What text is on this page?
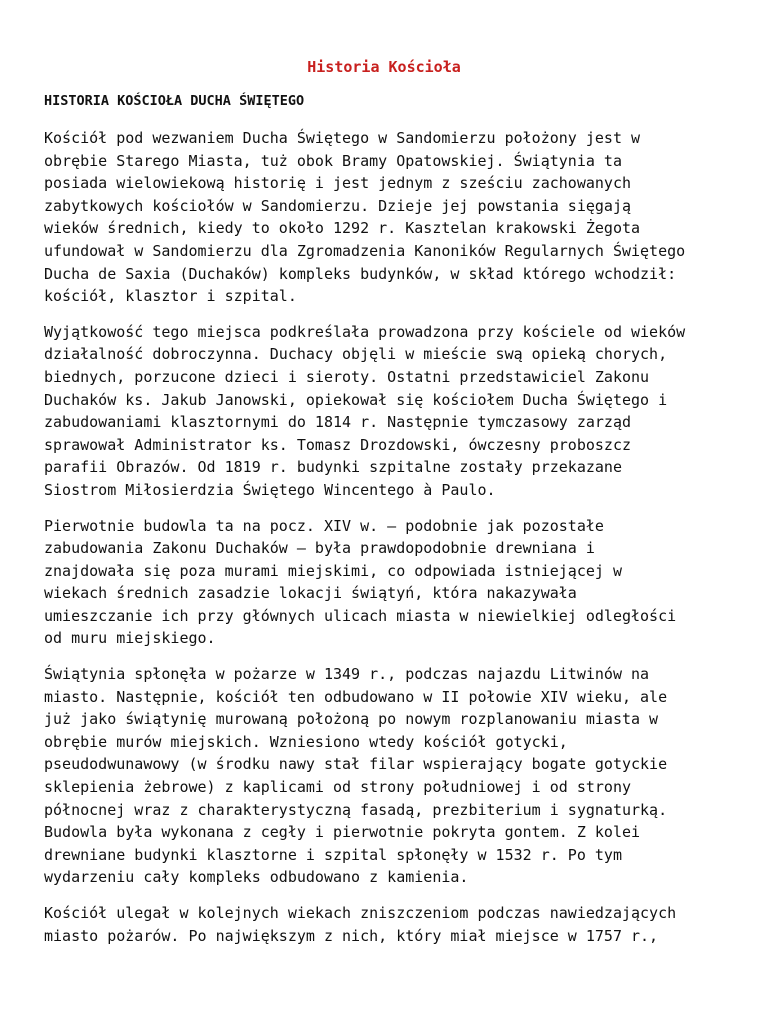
Historia Kościoła
HISTORIA KOŚCIOŁA DUCHA ŚWIĘTEGO

Kościół pod wezwaniem Ducha Świętego w Sandomierzu położony jest w
obrębie Starego Miasta, tuż obok Bramy Opatowskiej. Świątynia ta
posiada wielowiekową historię i jest jednym z sześciu zachowanych
zabytkowych kościołów w Sandomierzu. Dzieje jej powstania sięgają
wieków średnich, kiedy to około 1292 r. Kasztelan krakowski Żegota
ufundował w Sandomierzu dla Zgromadzenia Kanoników Regularnych Świętego
Ducha de Saxia (Duchaków) kompleks budynków, w skład którego wchodził:
kościół, klasztor i szpital.

Wyjątkowość tego miejsca podkreślała prowadzona przy kościele od wieków
działalność dobroczynna. Duchacy objęli w mieście swą opieką chorych,
biednych, porzucone dzieci i sieroty. Ostatni przedstawiciel Zakonu
Duchaków ks. Jakub Janowski, opiekował się kościołem Ducha Świętego i
zabudowaniami klasztornymi do 1814 r. Następnie tymczasowy zarząd
sprawował Administrator ks. Tomasz Drozdowski, ówczesny proboszcz
parafii Obrazów. Od 1819 r. budynki szpitalne zostały przekazane
Siostrom Miłosierdzia Świętego Wincentego à Paulo.

Pierwotnie budowla ta na pocz. XIV w. – podobnie jak pozostałe
zabudowania Zakonu Duchaków – była prawdopodobnie drewniana i
znajdowała się poza murami miejskimi, co odpowiada istniejącej w
wiekach średnich zasadzie lokacji świątyń, która nakazywała
umieszczanie ich przy głównych ulicach miasta w niewielkiej odległości
od muru miejskiego.

Świątynia spłonęła w pożarze w 1349 r., podczas najazdu Litwinów na
miasto. Następnie, kościół ten odbudowano w II połowie XIV wieku, ale
już jako świątynię murowaną położoną po nowym rozplanowaniu miasta w
obrębie murów miejskich. Wzniesiono wtedy kościół gotycki,
pseudodwunawowy (w środku nawy stał filar wspierający bogate gotyckie
sklepienia żebrowe) z kaplicami od strony południowej i od strony
północnej wraz z charakterystyczną fasadą, prezbiterium i sygnaturką.
Budowla była wykonana z cegły i pierwotnie pokryta gontem. Z kolei
drewniane budynki klasztorne i szpital spłonęły w 1532 r. Po tym
wydarzeniu cały kompleks odbudowano z kamienia.

Kościół ulegał w kolejnych wiekach zniszczeniom podczas nawiedzających
miasto pożarów. Po największym z nich, który miał miejsce w 1757 r.,
